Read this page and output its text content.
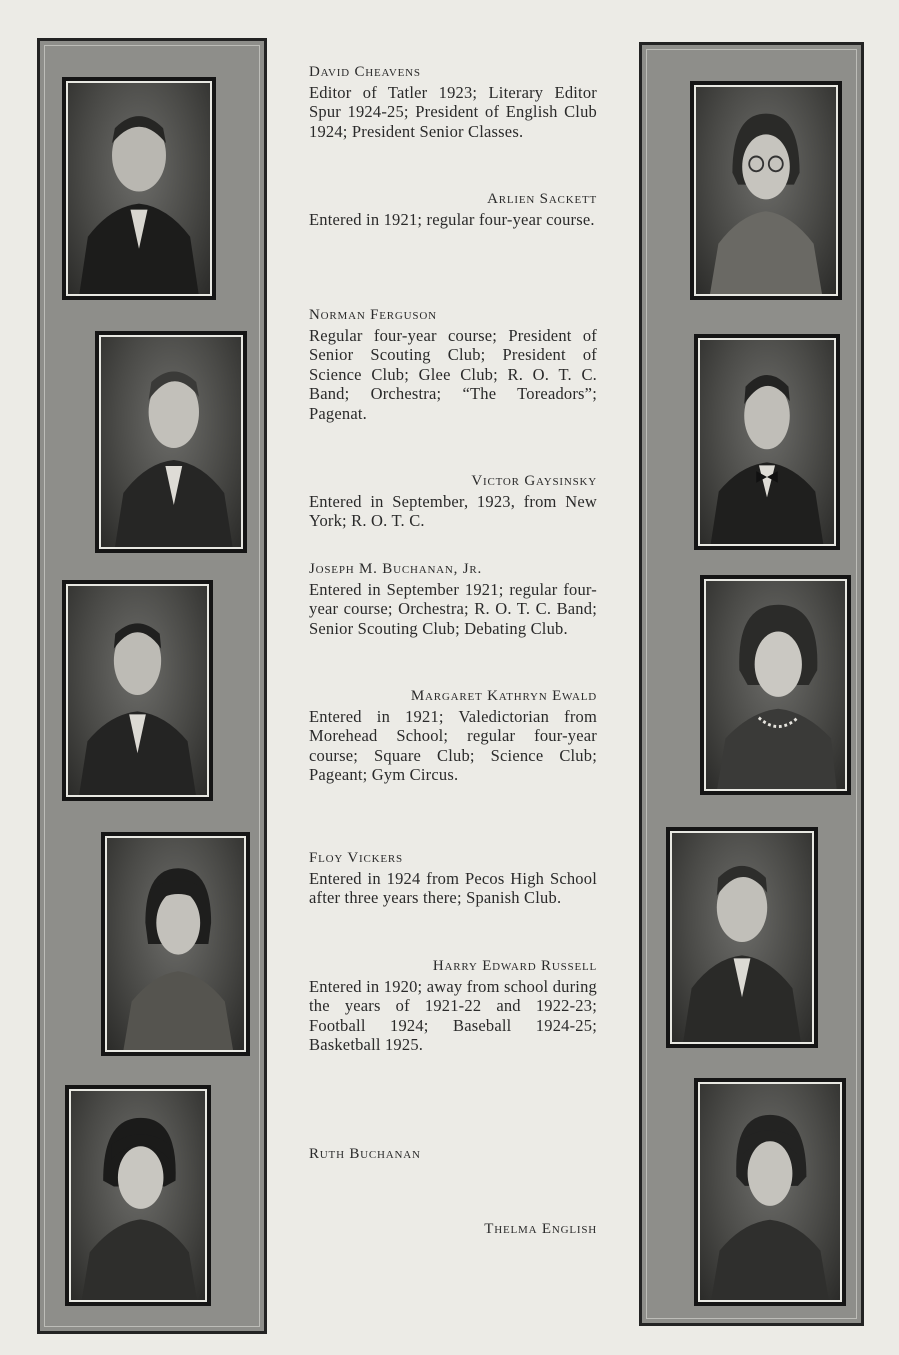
David Cheavens
Editor of Tatler 1923; Literary Editor Spur 1924-25; President of English Club 1924; President Senior Classes.
Arlien Sackett
Entered in 1921; regular four-year course.
Norman Ferguson
Regular four-year course; President of Senior Scouting Club; President of Science Club; Glee Club; R. O. T. C. Band; Orchestra; “The Toreadors”; Pagenat.
Victor Gaysinsky
Entered in September, 1923, from New York; R. O. T. C.
Joseph M. Buchanan, Jr.
Entered in September 1921; regular four-year course; Orchestra; R. O. T. C. Band; Senior Scouting Club; Debating Club.
Margaret Kathryn Ewald
Entered in 1921; Valedictorian from Morehead School; regular four-year course; Square Club; Science Club; Pageant; Gym Circus.
Floy Vickers
Entered in 1924 from Pecos High School after three years there; Spanish Club.
Harry Edward Russell
Entered in 1920; away from school during the years of 1921-22 and 1922-23; Football 1924; Baseball 1924-25; Basketball 1925.
Ruth Buchanan
Thelma English
